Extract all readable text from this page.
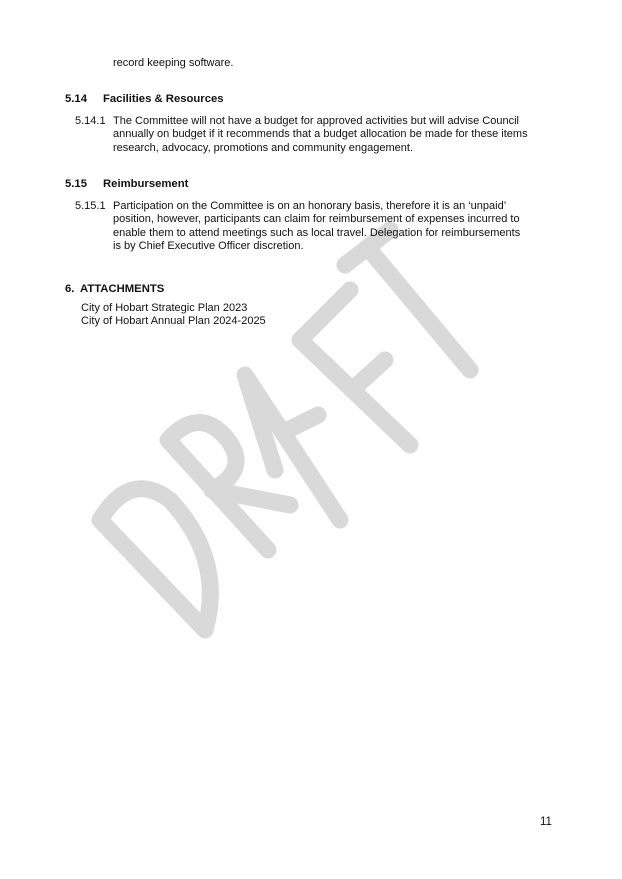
record keeping software.
5.14 Facilities & Resources
5.14.1 The Committee will not have a budget for approved activities but will advise Council
annually on budget if it recommends that a budget allocation be made for these items
research, advocacy, promotions and community engagement.
5.15 Reimbursement
5.15.1 Participation on the Committee is on an honorary basis, therefore it is an ‘unpaid’
position, however, participants can claim for reimbursement of expenses incurred to
enable them to attend meetings such as local travel. Delegation for reimbursements
is by Chief Executive Officer discretion.
6. ATTACHMENTS
City of Hobart Strategic Plan 2023
City of Hobart Annual Plan 2024-2025
11
